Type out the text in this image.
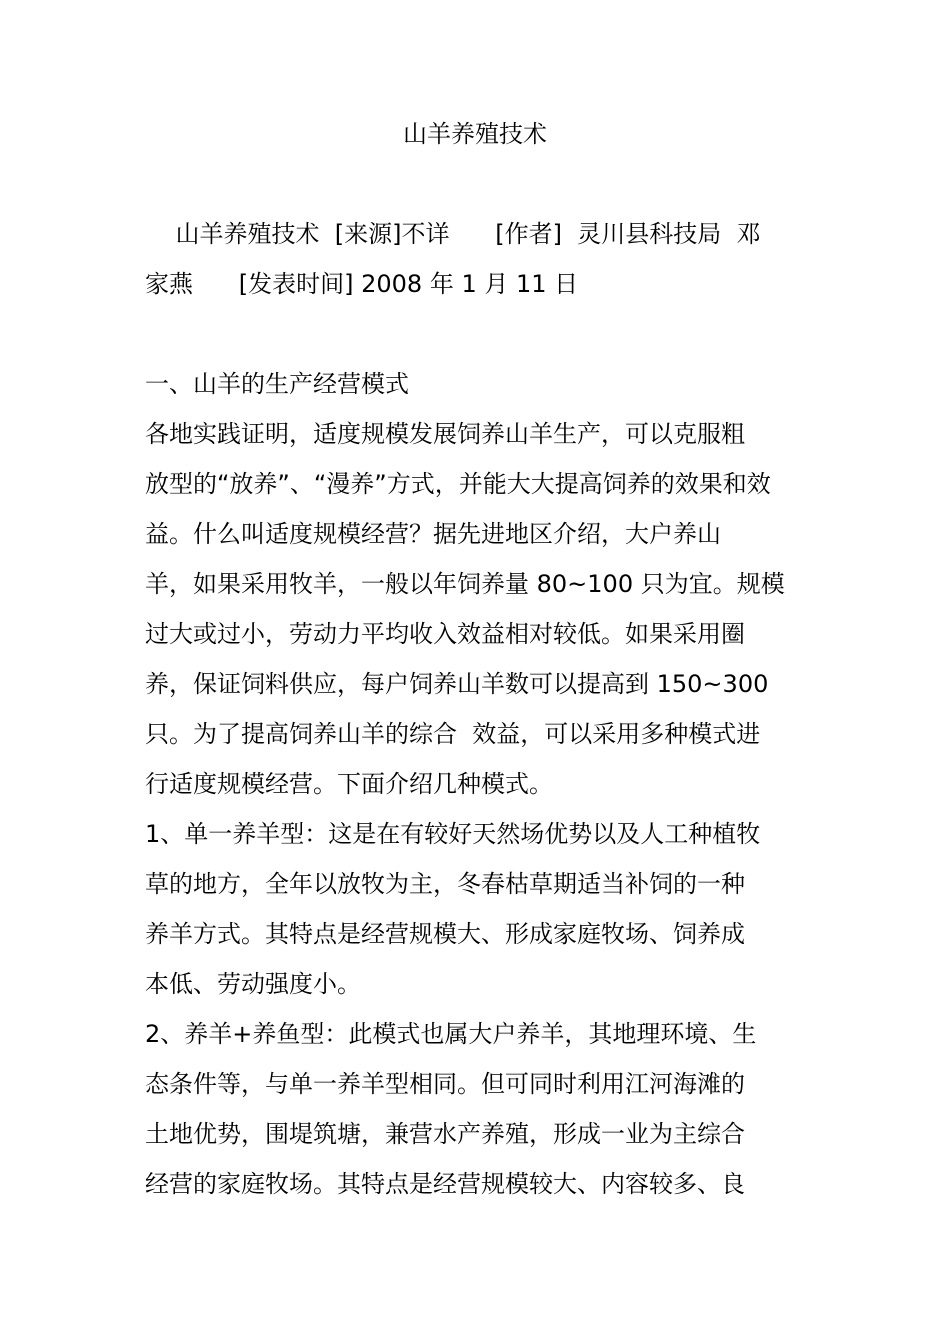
山羊养殖技术

山羊养殖技术  [来源]不详      [作者]  灵川县科技局  邓

家燕      [发表时间] 2008 年 1 月 11 日

一、山羊的生产经营模式

各地实践证明，适度规模发展饲养山羊生产，可以克服粗

放型的“放养”、“漫养”方式，并能大大提高饲养的效果和效

益。什么叫适度规模经营？据先进地区介绍，大户养山

羊，如果采用牧羊，一般以年饲养量 80~100 只为宜。规模

过大或过小，劳动力平均收入效益相对较低。如果采用圈

养，保证饲料供应，每户饲养山羊数可以提高到 150~300

只。为了提高饲养山羊的综合  效益，可以采用多种模式进

行适度规模经营。下面介绍几种模式。

1、单一养羊型：这是在有较好天然场优势以及人工种植牧

草的地方，全年以放牧为主，冬春枯草期适当补饲的一种

养羊方式。其特点是经营规模大、形成家庭牧场、饲养成

本低、劳动强度小。

2、养羊+养鱼型：此模式也属大户养羊，其地理环境、生

态条件等，与单一养羊型相同。但可同时利用江河海滩的

土地优势，围堤筑塘，兼营水产养殖，形成一业为主综合

经营的家庭牧场。其特点是经营规模较大、内容较多、良
